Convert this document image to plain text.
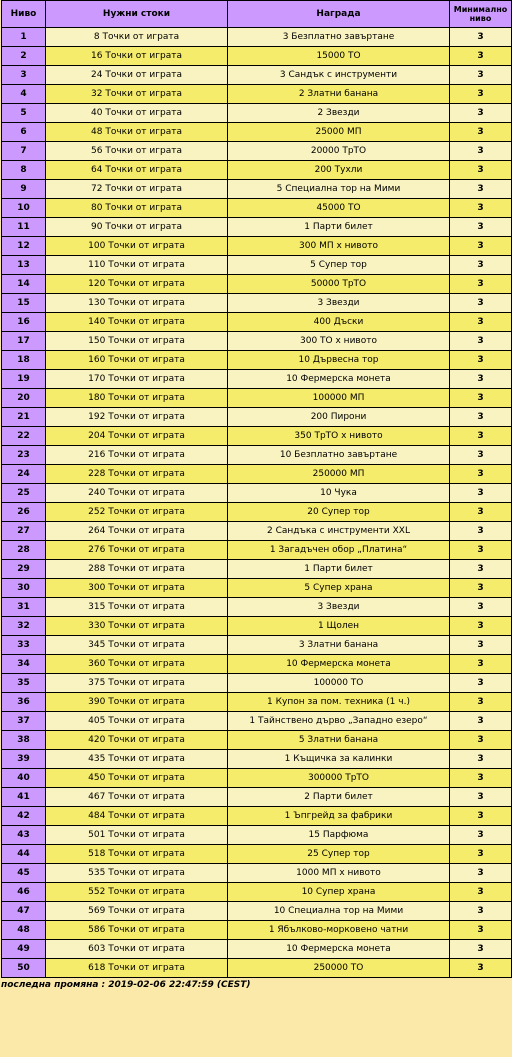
Ниво	Нужни стоки	Награда	Минимално ниво
1	8 Точки от играта	3 Безплатно завъртане	3
2	16 Точки от играта	15000 ТО	3
3	24 Точки от играта	3 Сандък с инструменти	3
4	32 Точки от играта	2 Златни банана	3
5	40 Точки от играта	2 Звезди	3
6	48 Точки от играта	25000 МП	3
7	56 Точки от играта	20000 ТрТО	3
8	64 Точки от играта	200 Тухли	3
9	72 Точки от играта	5 Специална тор на Мими	3
10	80 Точки от играта	45000 ТО	3
11	90 Точки от играта	1 Парти билет	3
12	100 Точки от играта	300 МП x нивото	3
13	110 Точки от играта	5 Супер тор	3
14	120 Точки от играта	50000 ТрТО	3
15	130 Точки от играта	3 Звезди	3
16	140 Точки от играта	400 Дъски	3
17	150 Точки от играта	300 ТО x нивото	3
18	160 Точки от играта	10 Дървесна тор	3
19	170 Точки от играта	10 Фермерска монета	3
20	180 Точки от играта	100000 МП	3
21	192 Точки от играта	200 Пирони	3
22	204 Точки от играта	350 ТрТО x нивото	3
23	216 Точки от играта	10 Безплатно завъртане	3
24	228 Точки от играта	250000 МП	3
25	240 Точки от играта	10 Чука	3
26	252 Точки от играта	20 Супер тор	3
27	264 Точки от играта	2 Сандъка с инструменти XXL	3
28	276 Точки от играта	1 Загадъчен обор „Платина“	3
29	288 Точки от играта	1 Парти билет	3
30	300 Точки от играта	5 Супер храна	3
31	315 Точки от играта	3 Звезди	3
32	330 Точки от играта	1 Щолен	3
33	345 Точки от играта	3 Златни банана	3
34	360 Точки от играта	10 Фермерска монета	3
35	375 Точки от играта	100000 ТО	3
36	390 Точки от играта	1 Купон за пом. техника (1 ч.)	3
37	405 Точки от играта	1 Тайнствено дърво „Западно езеро“	3
38	420 Точки от играта	5 Златни банана	3
39	435 Точки от играта	1 Къщичка за калинки	3
40	450 Точки от играта	300000 ТрТО	3
41	467 Точки от играта	2 Парти билет	3
42	484 Точки от играта	1 Ъпгрейд за фабрики	3
43	501 Точки от играта	15 Парфюма	3
44	518 Точки от играта	25 Супер тор	3
45	535 Точки от играта	1000 МП x нивото	3
46	552 Точки от играта	10 Супер храна	3
47	569 Точки от играта	10 Специална тор на Мими	3
48	586 Точки от играта	1 Ябълково-морковено чатни	3
49	603 Точки от играта	10 Фермерска монета	3
50	618 Точки от играта	250000 ТО	3
последна промяна : 2019-02-06 22:47:59 (CEST)
